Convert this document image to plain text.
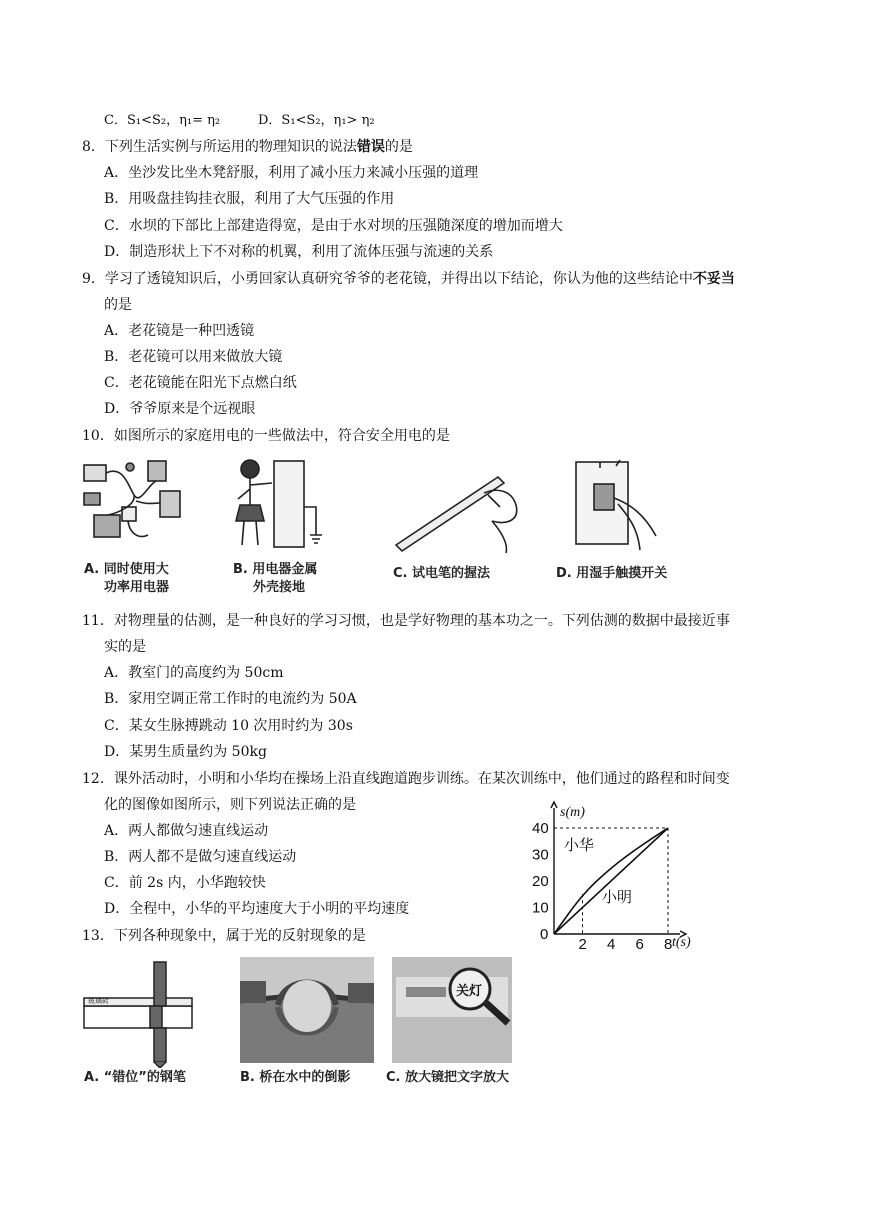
C．S₁<S₂，η₁= η₂	D．S₁<S₂，η₁> η₂
8．下列生活实例与所运用的物理知识的说法错误的是
A．坐沙发比坐木凳舒服，利用了减小压力来减小压强的道理
B．用吸盘挂钩挂衣服，利用了大气压强的作用
C．水坝的下部比上部建造得宽，是由于水对坝的压强随深度的增加而增大
D．制造形状上下不对称的机翼，利用了流体压强与流速的关系
9．学习了透镜知识后，小勇回家认真研究爷爷的老花镜，并得出以下结论，你认为他的这些结论中不妥当
的是
A．老花镜是一种凹透镜
B．老花镜可以用来做放大镜
C．老花镜能在阳光下点燃白纸
D．爷爷原来是个远视眼
10．如图所示的家庭用电的一些做法中，符合安全用电的是
A. 同时使用大
功率用电器
B. 用电器金属
外壳接地
C. 试电笔的握法	D. 用湿手触摸开关
11．对物理量的估测，是一种良好的学习习惯，也是学好物理的基本功之一。下列估测的数据中最接近事
实的是
A．教室门的高度约为 50cm
B．家用空调正常工作时的电流约为 50A
C．某女生脉搏跳动 10 次用时约为 30s
D．某男生质量约为 50kg
12．课外活动时，小明和小华均在操场上沿直线跑道跑步训练。在某次训练中，他们通过的路程和时间变
化的图像如图所示，则下列说法正确的是
A．两人都做匀速直线运动
B．两人都不是做匀速直线运动
C．前 2s 内，小华跑较快
D．全程中，小华的平均速度大于小明的平均速度
2 4 6 8
0
10
20
30
40
s(m)
t(s)
小华
小明
13．下列各种现象中，属于光的反射现象的是
玻璃砖
A. “错位”的钢笔	B. 桥在水中的倒影
关灯
C. 放大镜把文字放大
